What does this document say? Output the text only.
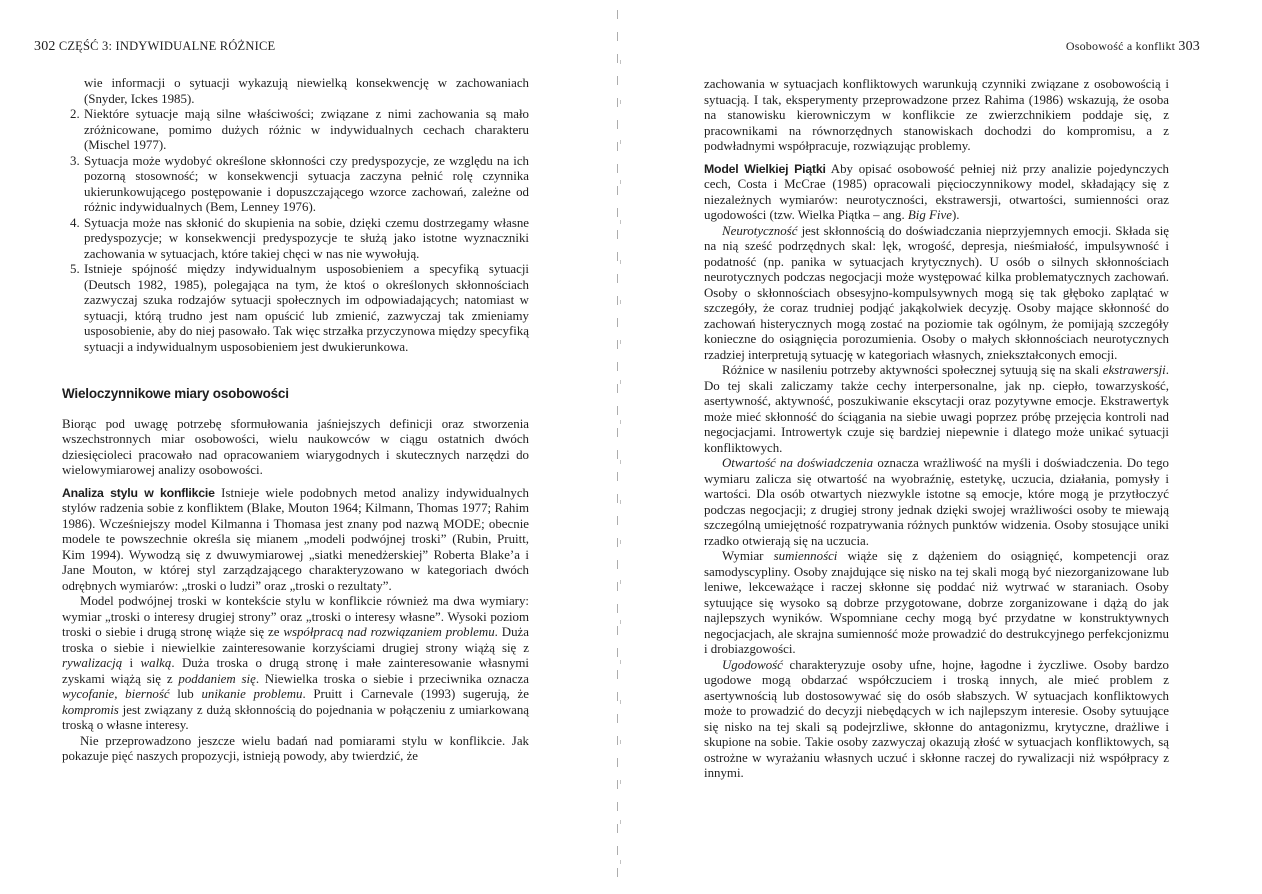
302 CZĘŚĆ 3: INDYWIDUALNE RÓŻNICE

wie informacji o sytuacji wykazują niewielką konsekwencję w zachowaniach (Snyder, Ickes 1985).

2. Niektóre sytuacje mają silne właściwości; związane z nimi zachowania są mało zróżnicowane, pomimo dużych różnic w indywidualnych cechach charakteru (Mischel 1977).
3. Sytuacja może wydobyć określone skłonności czy predyspozycje, ze względu na ich pozorną stosowność; w konsekwencji sytuacja zaczyna pełnić rolę czynnika ukierunkowującego postępowanie i dopuszczającego wzorce zachowań, zależne od różnic indywidualnych (Bem, Lenney 1976).
4. Sytuacja może nas skłonić do skupienia na sobie, dzięki czemu dostrzegamy własne predyspozycje; w konsekwencji predyspozycje te służą jako istotne wyznaczniki zachowania w sytuacjach, które takiej chęci w nas nie wywołują.
5. Istnieje spójność między indywidualnym usposobieniem a specyfiką sytuacji (Deutsch 1982, 1985), polegająca na tym, że ktoś o określonych skłonnościach zazwyczaj szuka rodzajów sytuacji społecznych im odpowiadających; natomiast w sytuacji, którą trudno jest nam opuścić lub zmienić, zazwyczaj tak zmieniamy usposobienie, aby do niej pasowało. Tak więc strzałka przyczynowa między specyfiką sytuacji a indywidualnym usposobieniem jest dwukierunkowa.
Wieloczynnikowe miary osobowości

Biorąc pod uwagę potrzebę sformułowania jaśniejszych definicji oraz stworzenia wszechstronnych miar osobowości, wielu naukowców w ciągu ostatnich dwóch dziesięcioleci pracowało nad opracowaniem wiarygodnych i skutecznych narzędzi do wielowymiarowej analizy osobowości.

Analiza stylu w konflikcie Istnieje wiele podobnych metod analizy indywidualnych stylów radzenia sobie z konfliktem (Blake, Mouton 1964; Kilmann, Thomas 1977; Rahim 1986). Wcześniejszy model Kilmanna i Thomasa jest znany pod nazwą MODE; obecnie modele te powszechnie określa się mianem „modeli podwójnej troski” (Rubin, Pruitt, Kim 1994). Wywodzą się z dwuwymiarowej „siatki menedżerskiej” Roberta Blake’a i Jane Mouton, w której styl zarządzającego charakteryzowano w kategoriach dwóch odrębnych wymiarów: „troski o ludzi” oraz „troski o rezultaty”.

Model podwójnej troski w kontekście stylu w konflikcie również ma dwa wymiary: wymiar „troski o interesy drugiej strony” oraz „troski o interesy własne”. Wysoki poziom troski o siebie i drugą stronę wiąże się ze współpracą nad rozwiązaniem problemu. Duża troska o siebie i niewielkie zainteresowanie korzyściami drugiej strony wiążą się z rywalizacją i walką. Duża troska o drugą stronę i małe zainteresowanie własnymi zyskami wiążą się z poddaniem się. Niewielka troska o siebie i przeciwnika oznacza wycofanie, bierność lub unikanie problemu. Pruitt i Carnevale (1993) sugerują, że kompromis jest związany z dużą skłonnością do pojednania w połączeniu z umiarkowaną troską o własne interesy.

Nie przeprowadzono jeszcze wielu badań nad pomiarami stylu w konflikcie. Jak pokazuje pięć naszych propozycji, istnieją powody, aby twierdzić, że

Osobowość a konflikt 303

zachowania w sytuacjach konfliktowych warunkują czynniki związane z osobowością i sytuacją. I tak, eksperymenty przeprowadzone przez Rahima (1986) wskazują, że osoba na stanowisku kierowniczym w konflikcie ze zwierzchnikiem poddaje się, z pracownikami na równorzędnych stanowiskach dochodzi do kompromisu, a z podwładnymi współpracuje, rozwiązując problemy.

Model Wielkiej Piątki Aby opisać osobowość pełniej niż przy analizie pojedynczych cech, Costa i McCrae (1985) opracowali pięcioczynnikowy model, składający się z niezależnych wymiarów: neurotyczności, ekstrawersji, otwartości, sumienności oraz ugodowości (tzw. Wielka Piątka – ang. Big Five).

Neurotyczność jest skłonnością do doświadczania nieprzyjemnych emocji. Składa się na nią sześć podrzędnych skal: lęk, wrogość, depresja, nieśmiałość, impulsywność i podatność (np. panika w sytuacjach krytycznych). U osób o silnych skłonnościach neurotycznych podczas negocjacji może występować kilka problematycznych zachowań. Osoby o skłonnościach obsesyjno-kompulsywnych mogą się tak głęboko zaplątać w szczegóły, że coraz trudniej podjąć jakąkolwiek decyzję. Osoby mające skłonność do zachowań histerycznych mogą zostać na poziomie tak ogólnym, że pomijają szczegóły konieczne do osiągnięcia porozumienia. Osoby o małych skłonnościach neurotycznych rzadziej interpretują sytuację w kategoriach własnych, zniekształconych emocji.

Różnice w nasileniu potrzeby aktywności społecznej sytuują się na skali ekstrawersji. Do tej skali zaliczamy także cechy interpersonalne, jak np. ciepło, towarzyskość, asertywność, aktywność, poszukiwanie ekscytacji oraz pozytywne emocje. Ekstrawertyk może mieć skłonność do ściągania na siebie uwagi poprzez próbę przejęcia kontroli nad negocjacjami. Introwertyk czuje się bardziej niepewnie i dlatego może unikać sytuacji konfliktowych.

Otwartość na doświadczenia oznacza wrażliwość na myśli i doświadczenia. Do tego wymiaru zalicza się otwartość na wyobraźnię, estetykę, uczucia, działania, pomysły i wartości. Dla osób otwartych niezwykle istotne są emocje, które mogą je przytłoczyć podczas negocjacji; z drugiej strony jednak dzięki swojej wrażliwości osoby te miewają szczególną umiejętność rozpatrywania różnych punktów widzenia. Osoby stosujące uniki rzadko otwierają się na uczucia.

Wymiar sumienności wiąże się z dążeniem do osiągnięć, kompetencji oraz samodyscypliny. Osoby znajdujące się nisko na tej skali mogą być niezorganizowane lub leniwe, lekceważące i raczej skłonne się poddać niż wytrwać w staraniach. Osoby sytuujące się wysoko są dobrze przygotowane, dobrze zorganizowane i dążą do jak najlepszych wyników. Wspomniane cechy mogą być przydatne w konstruktywnych negocjacjach, ale skrajna sumienność może prowadzić do destrukcyjnego perfekcjonizmu i drobiazgowości.

Ugodowość charakteryzuje osoby ufne, hojne, łagodne i życzliwe. Osoby bardzo ugodowe mogą obdarzać współczuciem i troską innych, ale mieć problem z asertywnością lub dostosowywać się do osób słabszych. W sytuacjach konfliktowych może to prowadzić do decyzji niebędących w ich najlepszym interesie. Osoby sytuujące się nisko na tej skali są podejrzliwe, skłonne do antagonizmu, krytyczne, drażliwe i skupione na sobie. Takie osoby zazwyczaj okazują złość w sytuacjach konfliktowych, są ostrożne w wyrażaniu własnych uczuć i skłonne raczej do rywalizacji niż współpracy z innymi.
